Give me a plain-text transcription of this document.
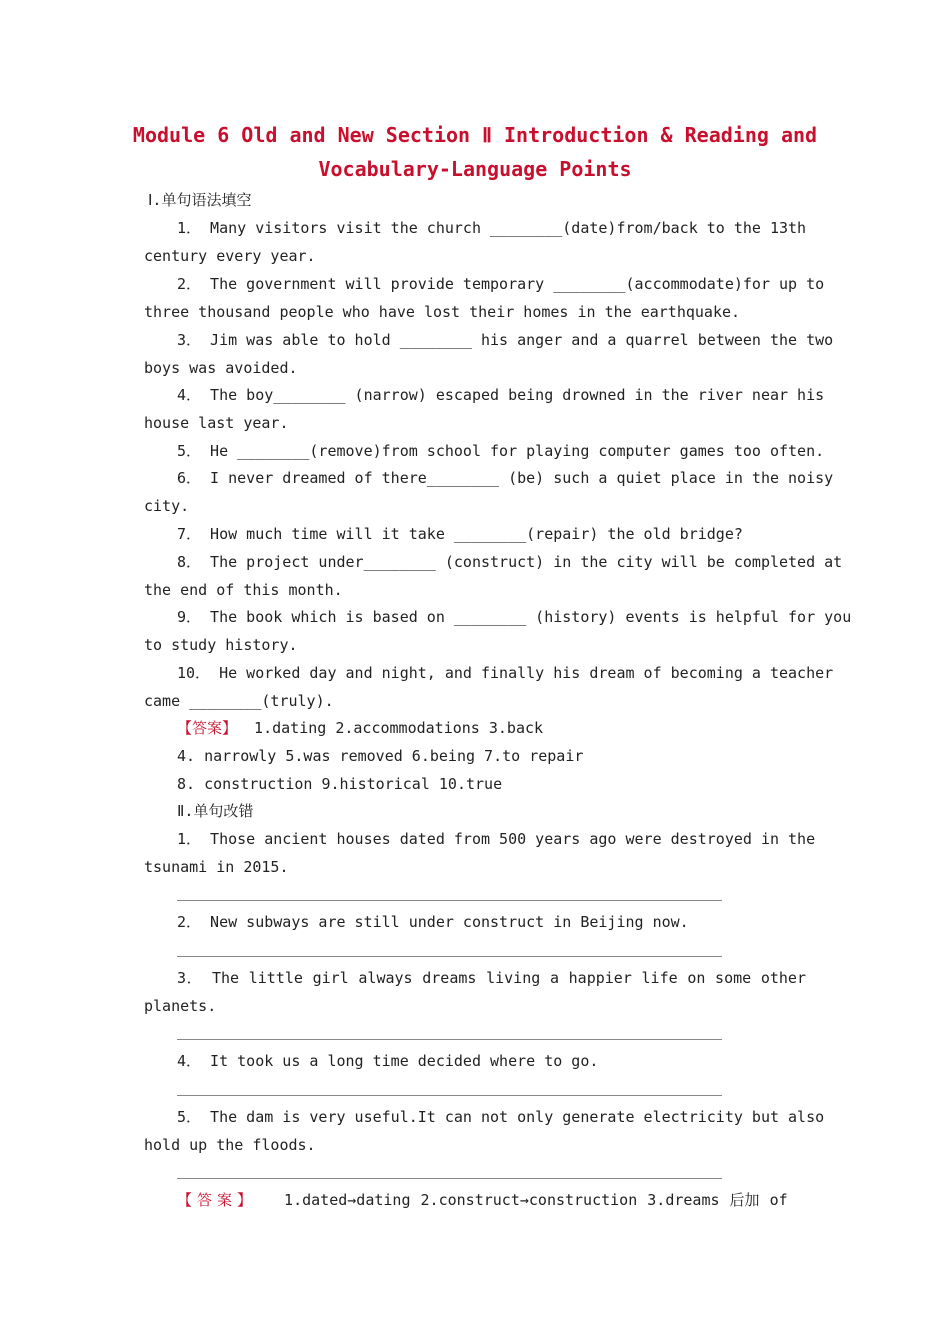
Module 6 Old and New Section Ⅱ Introduction & Reading and
Vocabulary-Language Points
Ⅰ.单句语法填空
1． Many visitors visit the church ________(date)from/back to the 13th
century every year.
2． The government will provide temporary ________(accommodate)for up to
three thousand people who have lost their homes in the earthquake.
3． Jim was able to hold ________ his anger and a quarrel between the two
boys was avoided.
4． The boy________ (narrow) escaped being drowned in the river near his
house last year.
5． He ________(remove)from school for playing computer games too often.
6． I never dreamed of there________ (be) such a quiet place in the noisy
city.
7． How much time will it take ________(repair) the old bridge?
8． The project under________ (construct) in the city will be completed at
the end of this month.
9． The book which is based on ________ (history) events is helpful for you
to study history.
10． He worked day and night, and finally his dream of becoming a teacher
came ________(truly).
【答案】 1.dating 2.accommodations 3.back
4. narrowly 5.was removed 6.being 7.to repair
8. construction 9.historical 10.true
Ⅱ.单句改错
1． Those ancient houses dated from 500 years ago were destroyed in the
tsunami in 2015.
2． New subways are still under construct in Beijing now.
3． The little girl always dreams living a happier life on some other
planets.
4． It took us a long time decided where to go.
5． The dam is very useful.It can not only generate electricity but also
hold up the floods.
【答案】 1.dated→dating 2.construct→construction 3.dreams 后加 of
